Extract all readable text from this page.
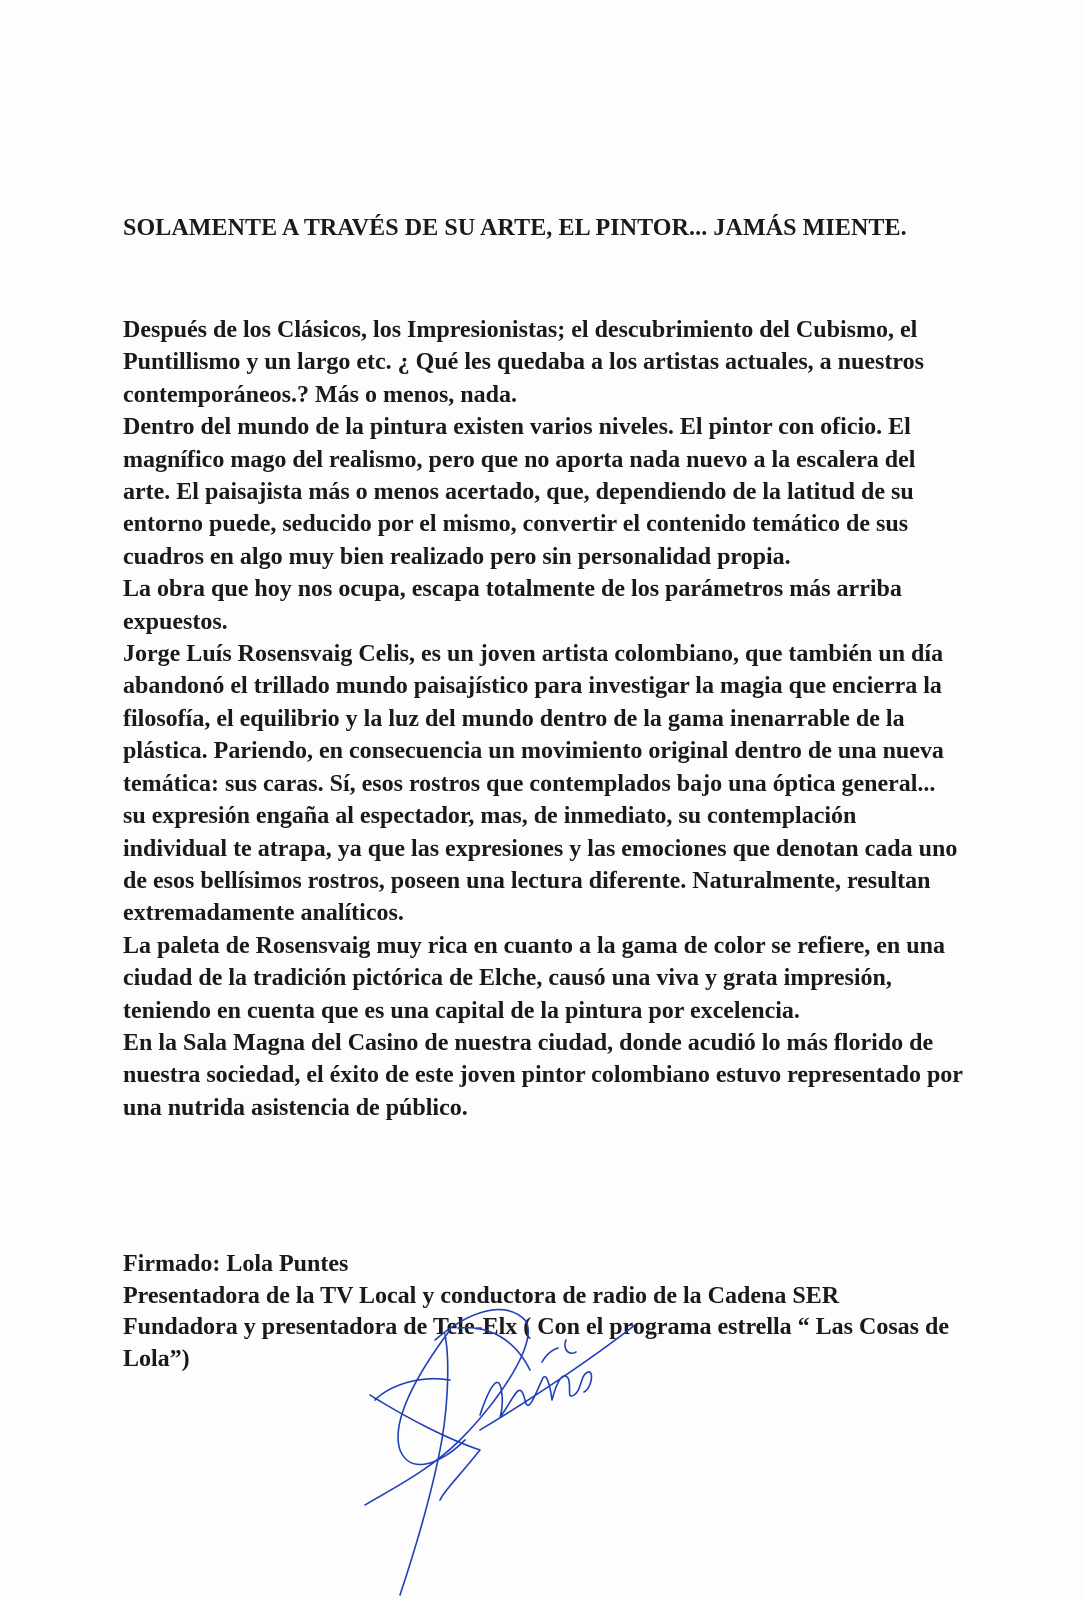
SOLAMENTE A TRAVÉS DE SU ARTE, EL PINTOR... JAMÁS MIENTE.

Después de los Clásicos, los Impresionistas; el descubrimiento del Cubismo, el Puntillismo y un largo etc. ¿ Qué les quedaba a los artistas actuales, a nuestros contemporáneos.? Más o menos, nada.

Dentro del mundo de la pintura existen varios niveles. El pintor con oficio. El magnífico mago del realismo, pero que no aporta nada nuevo a la escalera del arte. El paisajista más o menos acertado, que, dependiendo de la latitud de su entorno puede, seducido por el mismo, convertir el contenido temático de sus cuadros en algo muy bien realizado pero sin personalidad propia.

La obra que hoy nos ocupa, escapa totalmente de los parámetros más arriba expuestos.

Jorge Luís Rosensvaig Celis, es un joven artista colombiano, que también un día abandonó el trillado mundo paisajístico para investigar la magia que encierra la filosofía, el equilibrio y la luz del mundo dentro de la gama inenarrable de la plástica. Pariendo, en consecuencia un movimiento original dentro de una nueva temática: sus caras. Sí, esos rostros que contemplados bajo una óptica general... su expresión engaña al espectador, mas, de inmediato, su contemplación individual te atrapa, ya que las expresiones y las emociones que denotan cada uno de esos bellísimos rostros, poseen una lectura diferente. Naturalmente, resultan extremadamente analíticos.

La paleta de Rosensvaig muy rica en cuanto a la gama de color se refiere, en una ciudad de la tradición pictórica de Elche, causó una viva y grata impresión, teniendo en cuenta que es una capital de la pintura por excelencia.

En la Sala Magna del Casino de nuestra ciudad, donde acudió lo más florido de nuestra sociedad, el éxito de este joven pintor colombiano estuvo representado por una nutrida asistencia de público.

Firmado: Lola Puntes

Presentadora de la TV Local y conductora de radio de la Cadena SER

Fundadora y presentadora de Tele-Elx ( Con el programa estrella “ Las Cosas de Lola”)
